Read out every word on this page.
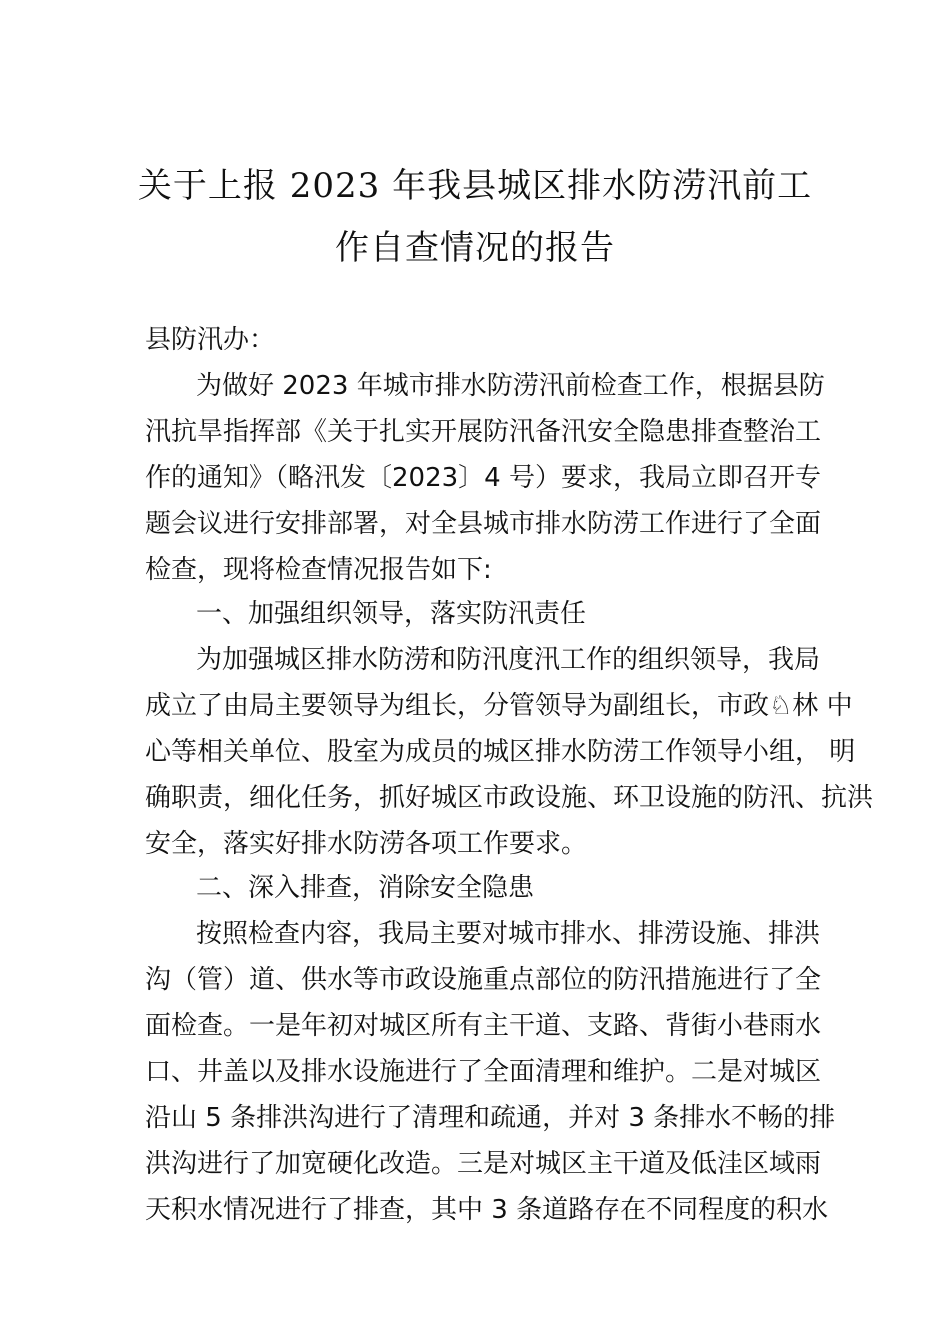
关于上报 2023 年我县城区排水防涝汛前工
作自查情况的报告
县防汛办：
为做好 2023 年城市排水防涝汛前检查工作，根据县防
汛抗旱指挥部《关于扎实开展防汛备汛安全隐患排查整治工
作的通知》（略汛发〔2023〕4 号）要求，我局立即召开专
题会议进行安排部署，对全县城市排水防涝工作进行了全面
检查，现将检查情况报告如下:
一、加强组织领导，落实防汛责任
为加强城区排水防涝和防汛度汛工作的组织领导，我局
成立了由局主要领导为组长，分管领导为副组长，市政♘林 中
心等相关单位、股室为成员的城区排水防涝工作领导小组， 明
确职责，细化任务，抓好城区市政设施、环卫设施的防汛、抗洪
安全，落实好排水防涝各项工作要求。
二、深入排查，消除安全隐患
按照检查内容，我局主要对城市排水、排涝设施、排洪
沟（管）道、供水等市政设施重点部位的防汛措施进行了全
面检查。一是年初对城区所有主干道、支路、背街小巷雨水
口、井盖以及排水设施进行了全面清理和维护。二是对城区
沿山 5 条排洪沟进行了清理和疏通，并对 3 条排水不畅的排
洪沟进行了加宽硬化改造。三是对城区主干道及低洼区域雨
天积水情况进行了排查，其中 3 条道路存在不同程度的积水
